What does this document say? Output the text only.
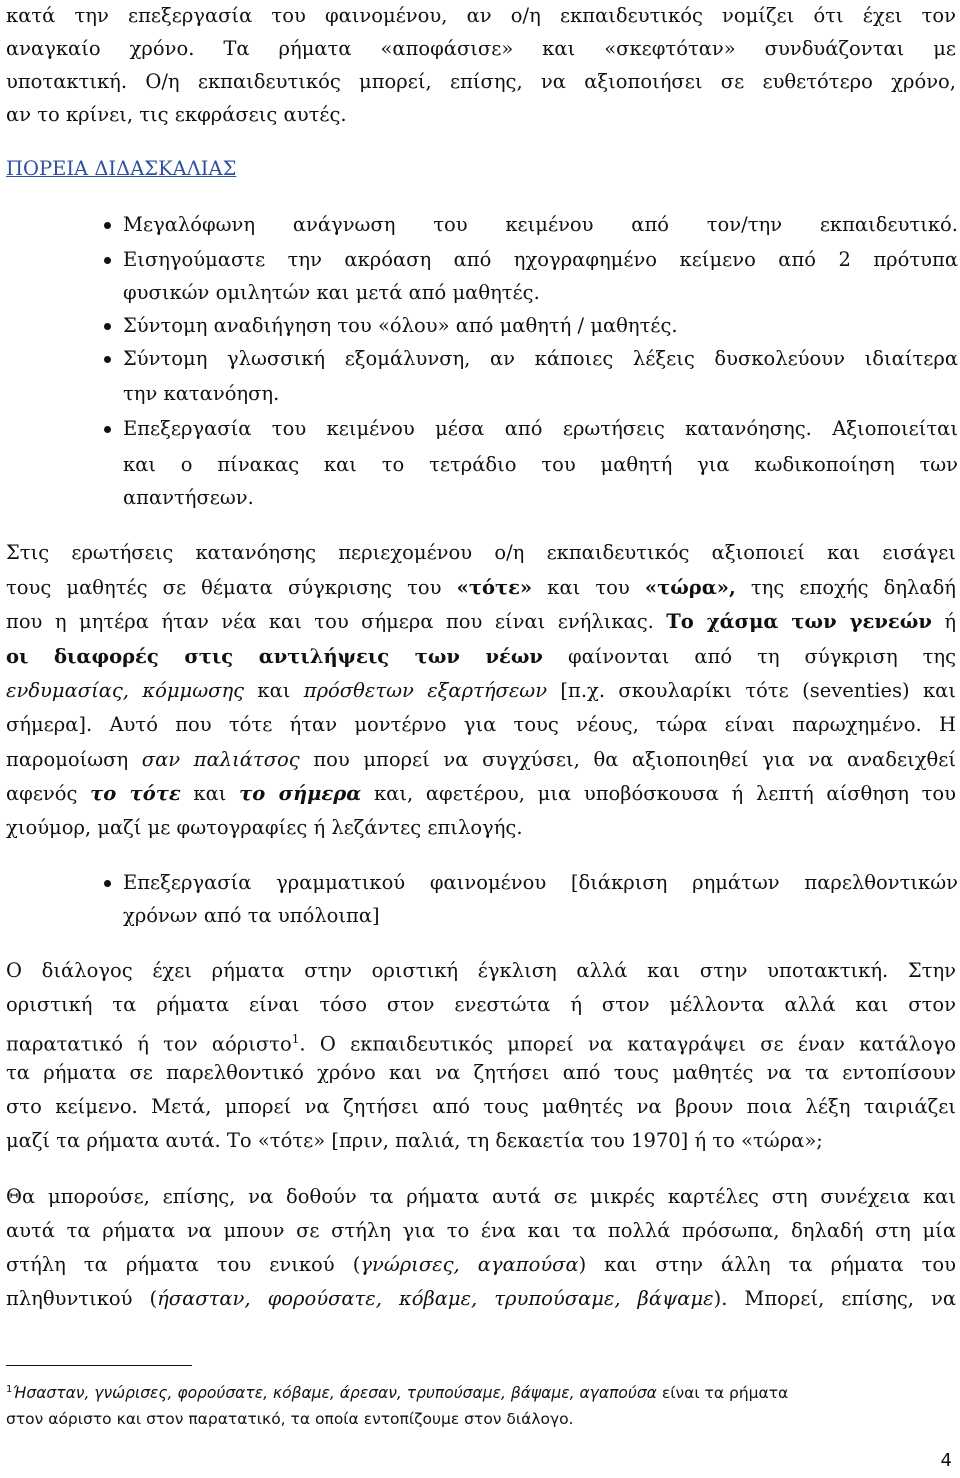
κατά την επεξεργασία του φαινομένου, αν ο/η εκπαιδευτικός νομίζει ότι έχει τον
αναγκαίο χρόνο. Τα ρήματα «αποφάσισε» και «σκεφτόταν» συνδυάζονται με
υποτακτική. Ο/η εκπαιδευτικός μπορεί, επίσης, να αξιοποιήσει σε ευθετότερο χρόνο,
αν το κρίνει, τις εκφράσεις αυτές.
ΠΟΡΕΙΑ ΔΙΔΑΣΚΑΛΙΑΣ
Μεγαλόφωνη ανάγνωση του κειμένου από τον/την εκπαιδευτικό.
Εισηγούμαστε την ακρόαση από ηχογραφημένο κείμενο από 2 πρότυπα
φυσικών ομιλητών και μετά από μαθητές.
Σύντομη αναδιήγηση του «όλου» από μαθητή / μαθητές.
Σύντομη γλωσσική εξομάλυνση, αν κάποιες λέξεις δυσκολεύουν ιδιαίτερα
την κατανόηση.
Επεξεργασία του κειμένου μέσα από ερωτήσεις κατανόησης. Αξιοποιείται
και ο πίνακας και το τετράδιο του μαθητή για κωδικοποίηση των
απαντήσεων.
Στις ερωτήσεις κατανόησης περιεχομένου ο/η εκπαιδευτικός αξιοποιεί και εισάγει
τους μαθητές σε θέματα σύγκρισης του «τότε» και του «τώρα», της εποχής δηλαδή
που η μητέρα ήταν νέα και του σήμερα που είναι ενήλικας. Το χάσμα των γενεών ή
οι διαφορές στις αντιλήψεις των νέων φαίνονται από τη σύγκριση της
ενδυμασίας, κόμμωσης και πρόσθετων εξαρτήσεων [π.χ. σκουλαρίκι τότε (seventies) και
σήμερα]. Αυτό που τότε ήταν μοντέρνο για τους νέους, τώρα είναι παρωχημένο. Η
παρομοίωση σαν παλιάτσος που μπορεί να συγχύσει, θα αξιοποιηθεί για να αναδειχθεί
αφενός το τότε και το σήμερα και, αφετέρου, μια υποβόσκουσα ή λεπτή αίσθηση του
χιούμορ, μαζί με φωτογραφίες ή λεζάντες επιλογής.
Επεξεργασία γραμματικού φαινομένου [διάκριση ρημάτων παρελθοντικών
χρόνων από τα υπόλοιπα]
Ο διάλογος έχει ρήματα στην οριστική έγκλιση αλλά και στην υποτακτική. Στην
οριστική τα ρήματα είναι τόσο στον ενεστώτα ή στον μέλλοντα αλλά και στον
παρατατικό ή τον αόριστο$^1$. Ο εκπαιδευτικός μπορεί να καταγράψει σε έναν κατάλογο
τα ρήματα σε παρελθοντικό χρόνο και να ζητήσει από τους μαθητές να τα εντοπίσουν
στο κείμενο. Μετά, μπορεί να ζητήσει από τους μαθητές να βρουν ποια λέξη ταιριάζει
μαζί τα ρήματα αυτά. Το «τότε» [πριν, παλιά, τη δεκαετία του 1970] ή το «τώρα»;
Θα μπορούσε, επίσης, να δοθούν τα ρήματα αυτά σε μικρές καρτέλες στη συνέχεια και
αυτά τα ρήματα να μπουν σε στήλη για το ένα και τα πολλά πρόσωπα, δηλαδή στη μία
στήλη τα ρήματα του ενικού (γνώρισες, αγαπούσα) και στην άλλη τα ρήματα του
πληθυντικού (ήσασταν, φορούσατε, κόβαμε, τρυπούσαμε, βάψαμε). Μπορεί, επίσης, να
$^1$Ήσασταν, γνώρισες, φορούσατε, κόβαμε, άρεσαν, τρυπούσαμε, βάψαμε, αγαπούσα είναι τα ρήματα
στον αόριστο και στον παρατατικό, τα οποία εντοπίζουμε στον διάλογο.
4
